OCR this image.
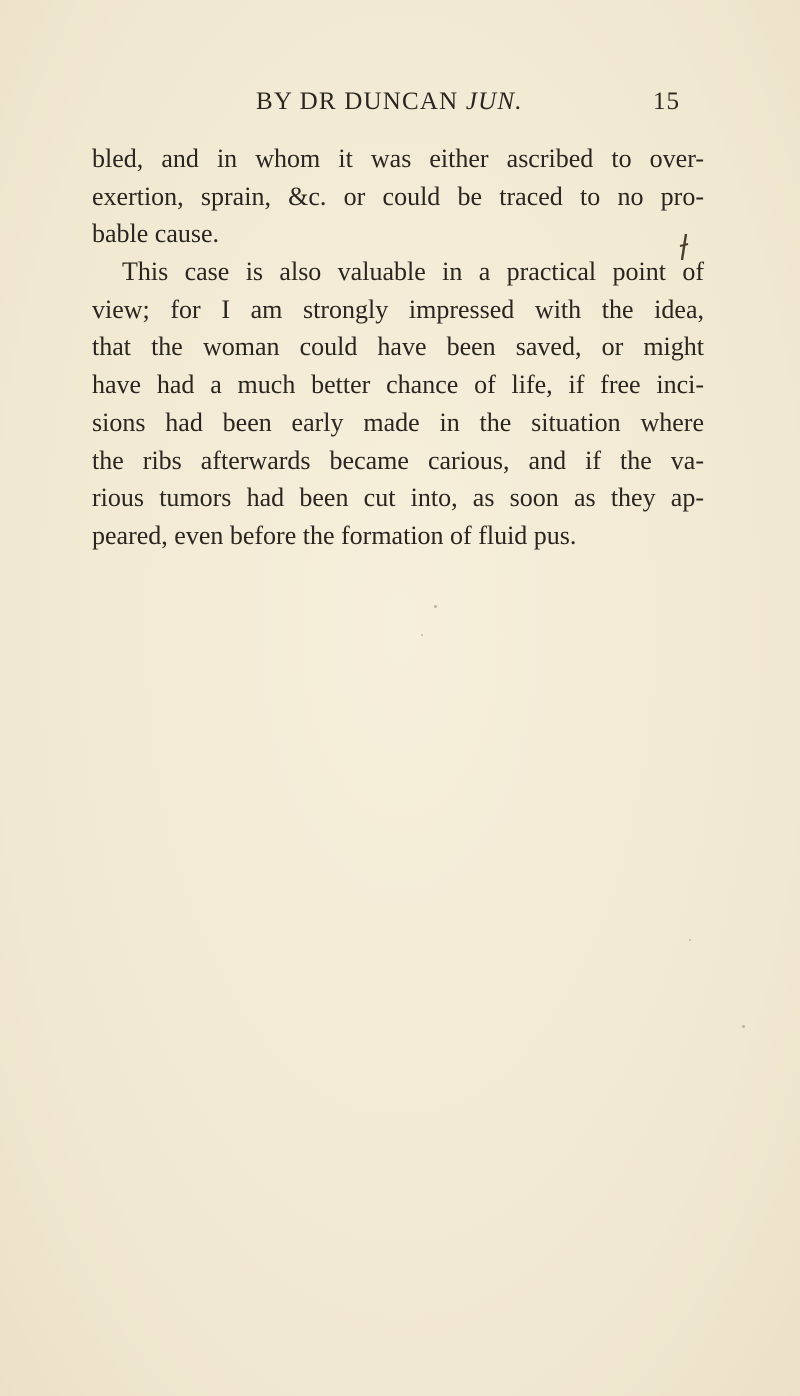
BY DR DUNCAN JUN.	15
bled, and in whom it was either ascribed to over-
exertion, sprain, &c. or could be traced to no pro-
bable cause.
This case is also valuable in a practical point of
view; for I am strongly impressed with the idea,
that the woman could have been saved, or might
have had a much better chance of life, if free inci-
sions had been early made in the situation where
the ribs afterwards became carious, and if the va-
rious tumors had been cut into, as soon as they ap-
peared, even before the formation of fluid pus.
